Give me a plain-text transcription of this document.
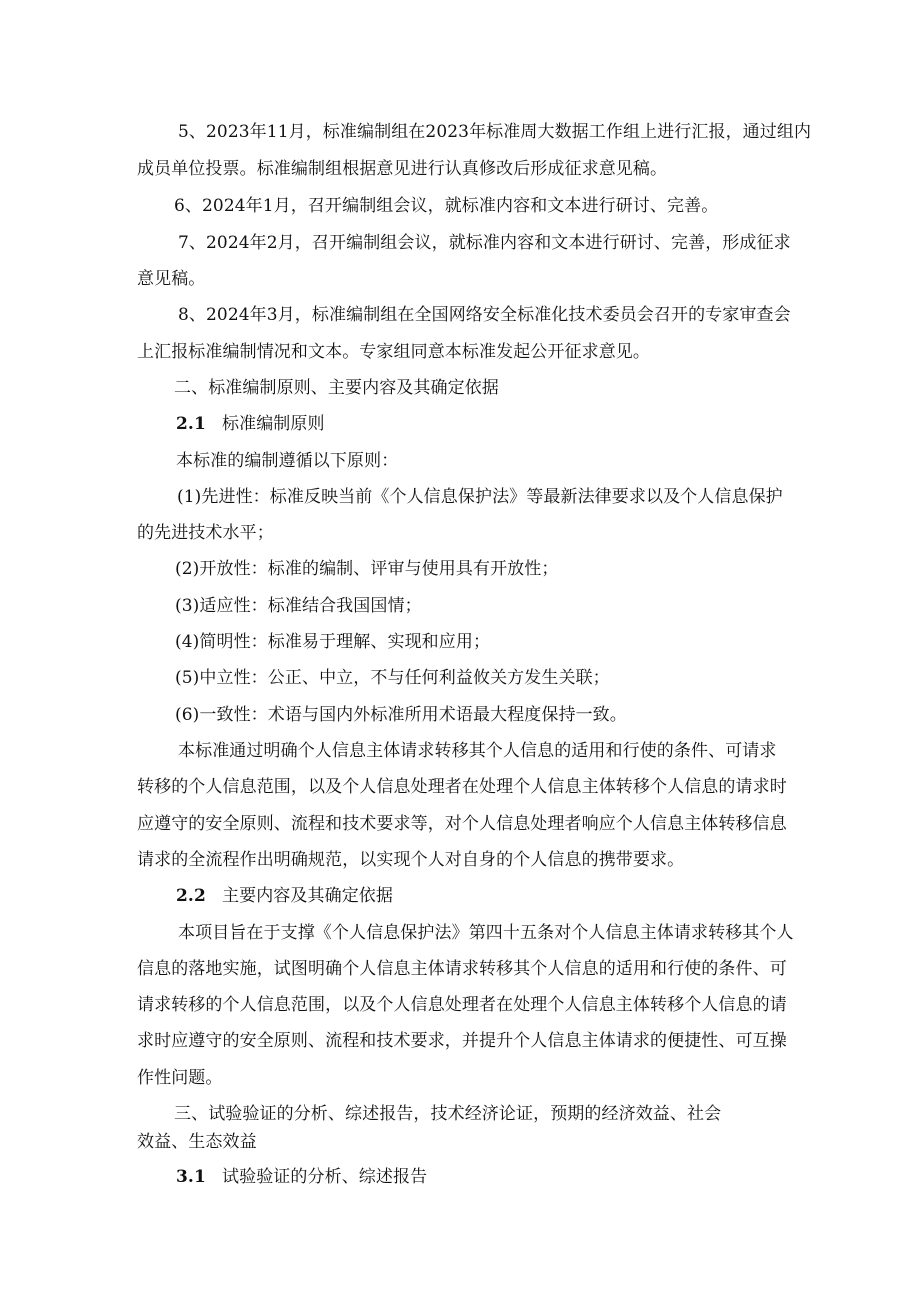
5、2023年11月，标准编制组在2023年标准周大数据工作组上进行汇报，通过组内
成员单位投票。标准编制组根据意见进行认真修改后形成征求意见稿。
6、2024年1月，召开编制组会议，就标准内容和文本进行研讨、完善。
7、2024年2月，召开编制组会议，就标准内容和文本进行研讨、完善，形成征求
意见稿。
8、2024年3月，标准编制组在全国网络安全标准化技术委员会召开的专家审查会
上汇报标准编制情况和文本。专家组同意本标准发起公开征求意见。
二、标准编制原则、主要内容及其确定依据
2.1 标准编制原则
本标准的编制遵循以下原则：
(1)先进性：标准反映当前《个人信息保护法》等最新法律要求以及个人信息保护
的先进技术水平；
(2)开放性：标准的编制、评审与使用具有开放性；
(3)适应性：标准结合我国国情；
(4)简明性：标准易于理解、实现和应用；
(5)中立性：公正、中立，不与任何利益攸关方发生关联；
(6)一致性：术语与国内外标准所用术语最大程度保持一致。
本标准通过明确个人信息主体请求转移其个人信息的适用和行使的条件、可请求
转移的个人信息范围，以及个人信息处理者在处理个人信息主体转移个人信息的请求时
应遵守的安全原则、流程和技术要求等，对个人信息处理者响应个人信息主体转移信息
请求的全流程作出明确规范，以实现个人对自身的个人信息的携带要求。
2.2 主要内容及其确定依据
本项目旨在于支撑《个人信息保护法》第四十五条对个人信息主体请求转移其个人
信息的落地实施，试图明确个人信息主体请求转移其个人信息的适用和行使的条件、可
请求转移的个人信息范围，以及个人信息处理者在处理个人信息主体转移个人信息的请
求时应遵守的安全原则、流程和技术要求，并提升个人信息主体请求的便捷性、可互操
作性问题。
三、试验验证的分析、综述报告，技术经济论证，预期的经济效益、社会
效益、生态效益
3.1 试验验证的分析、综述报告
